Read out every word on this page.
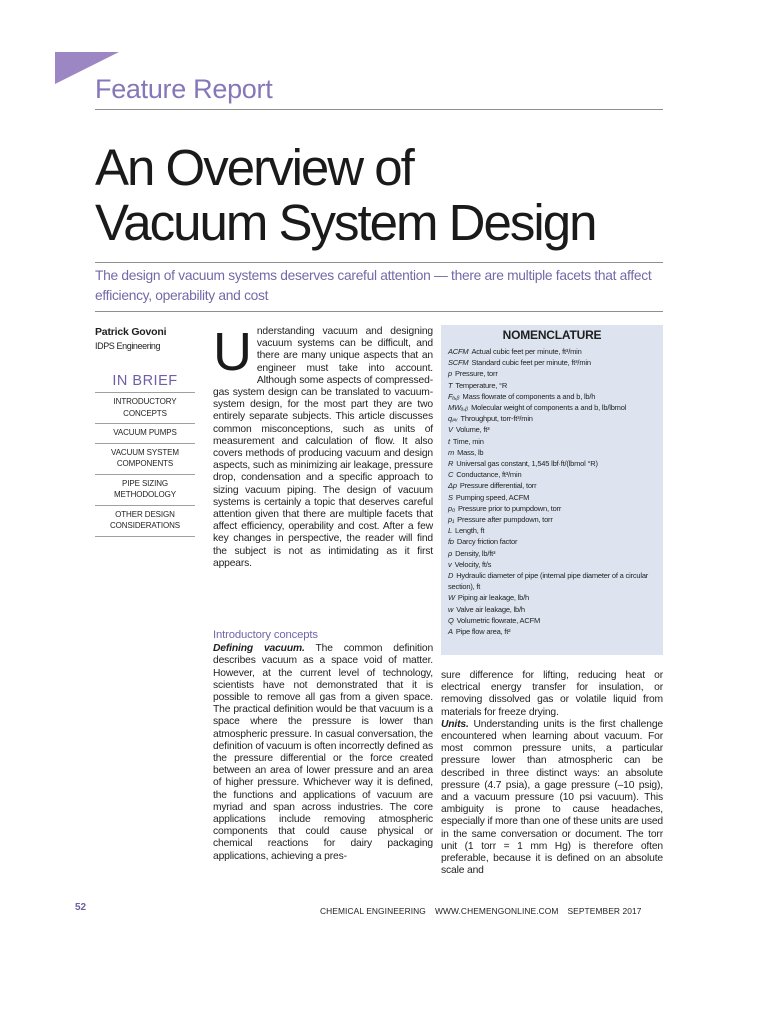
Feature Report
An Overview of
Vacuum System Design
The design of vacuum systems deserves careful attention — there are multiple facets that affect efficiency, operability and cost
Patrick Govoni
IDPS Engineering
IN BRIEF
INTRODUCTORY CONCEPTS
VACUUM PUMPS
VACUUM SYSTEM COMPONENTS
PIPE SIZING METHODOLOGY
OTHER DESIGN CONSIDERATIONS

Understanding vacuum and designing vacuum systems can be difficult, and there are many unique aspects that an engineer must take into account. Although some aspects of compressed-gas system design can be translated to vacuum-system design, for the most part they are two entirely separate subjects. This article discusses common misconceptions, such as units of measurement and calculation of flow. It also covers methods of producing vacuum and design aspects, such as minimizing air leakage, pressure drop, condensation and a specific approach to sizing vacuum piping. The design of vacuum systems is certainly a topic that deserves careful attention given that there are multiple facets that affect efficiency, operability and cost. After a few key changes in perspective, the reader will find the subject is not as intimidating as it first appears.

Introductory concepts

Defining vacuum. The common definition describes vacuum as a space void of matter. However, at the current level of technology, scientists have not demonstrated that it is possible to remove all gas from a given space. The practical definition would be that vacuum is a space where the pressure is lower than atmospheric pressure. In casual conversation, the definition of vacuum is often incorrectly defined as the pressure differential or the force created between an area of lower pressure and an area of higher pressure. Whichever way it is defined, the functions and applications of vacuum are myriad and span across industries. The core applications include removing atmospheric components that could cause physical or chemical reactions for dairy packaging applications, achieving a pres-

NOMENCLATURE
ACFM Actual cubic feet per minute, ft³/min
SCFM Standard cubic feet per minute, ft³/min
p Pressure, torr
T Temperature, °R
Fₐ,ᵦ Mass flowrate of components a and b, lb/h
MWₐ,ᵦ Molecular weight of components a and b, lb/lbmol
qₚᵥ Throughput, torr-ft³/min
V Volume, ft³
t Time, min
m Mass, lb
R Universal gas constant, 1,545 lbf·ft/(lbmol °R)
C Conductance, ft³/min
Δp Pressure differential, torr
S Pumping speed, ACFM
p₀ Pressure prior to pumpdown, torr
p₁ Pressure after pumpdown, torr
L Length, ft
fᴅ Darcy friction factor
ρ Density, lb/ft³
v Velocity, ft/s
D Hydraulic diameter of pipe (internal pipe diameter of a circular section), ft
W Piping air leakage, lb/h
w Valve air leakage, lb/h
Q Volumetric flowrate, ACFM
A Pipe flow area, ft²

sure difference for lifting, reducing heat or electrical energy transfer for insulation, or removing dissolved gas or volatile liquid from materials for freeze drying.

Units. Understanding units is the first challenge encountered when learning about vacuum. For most common pressure units, a particular pressure lower than atmospheric can be described in three distinct ways: an absolute pressure (4.7 psia), a gage pressure (–10 psig), and a vacuum pressure (10 psi vacuum). This ambiguity is prone to cause headaches, especially if more than one of these units are used in the same conversation or document. The torr unit (1 torr = 1 mm Hg) is therefore often preferable, because it is defined on an absolute scale and

52	CHEMICAL ENGINEERING WWW.CHEMENGONLINE.COM SEPTEMBER 2017
